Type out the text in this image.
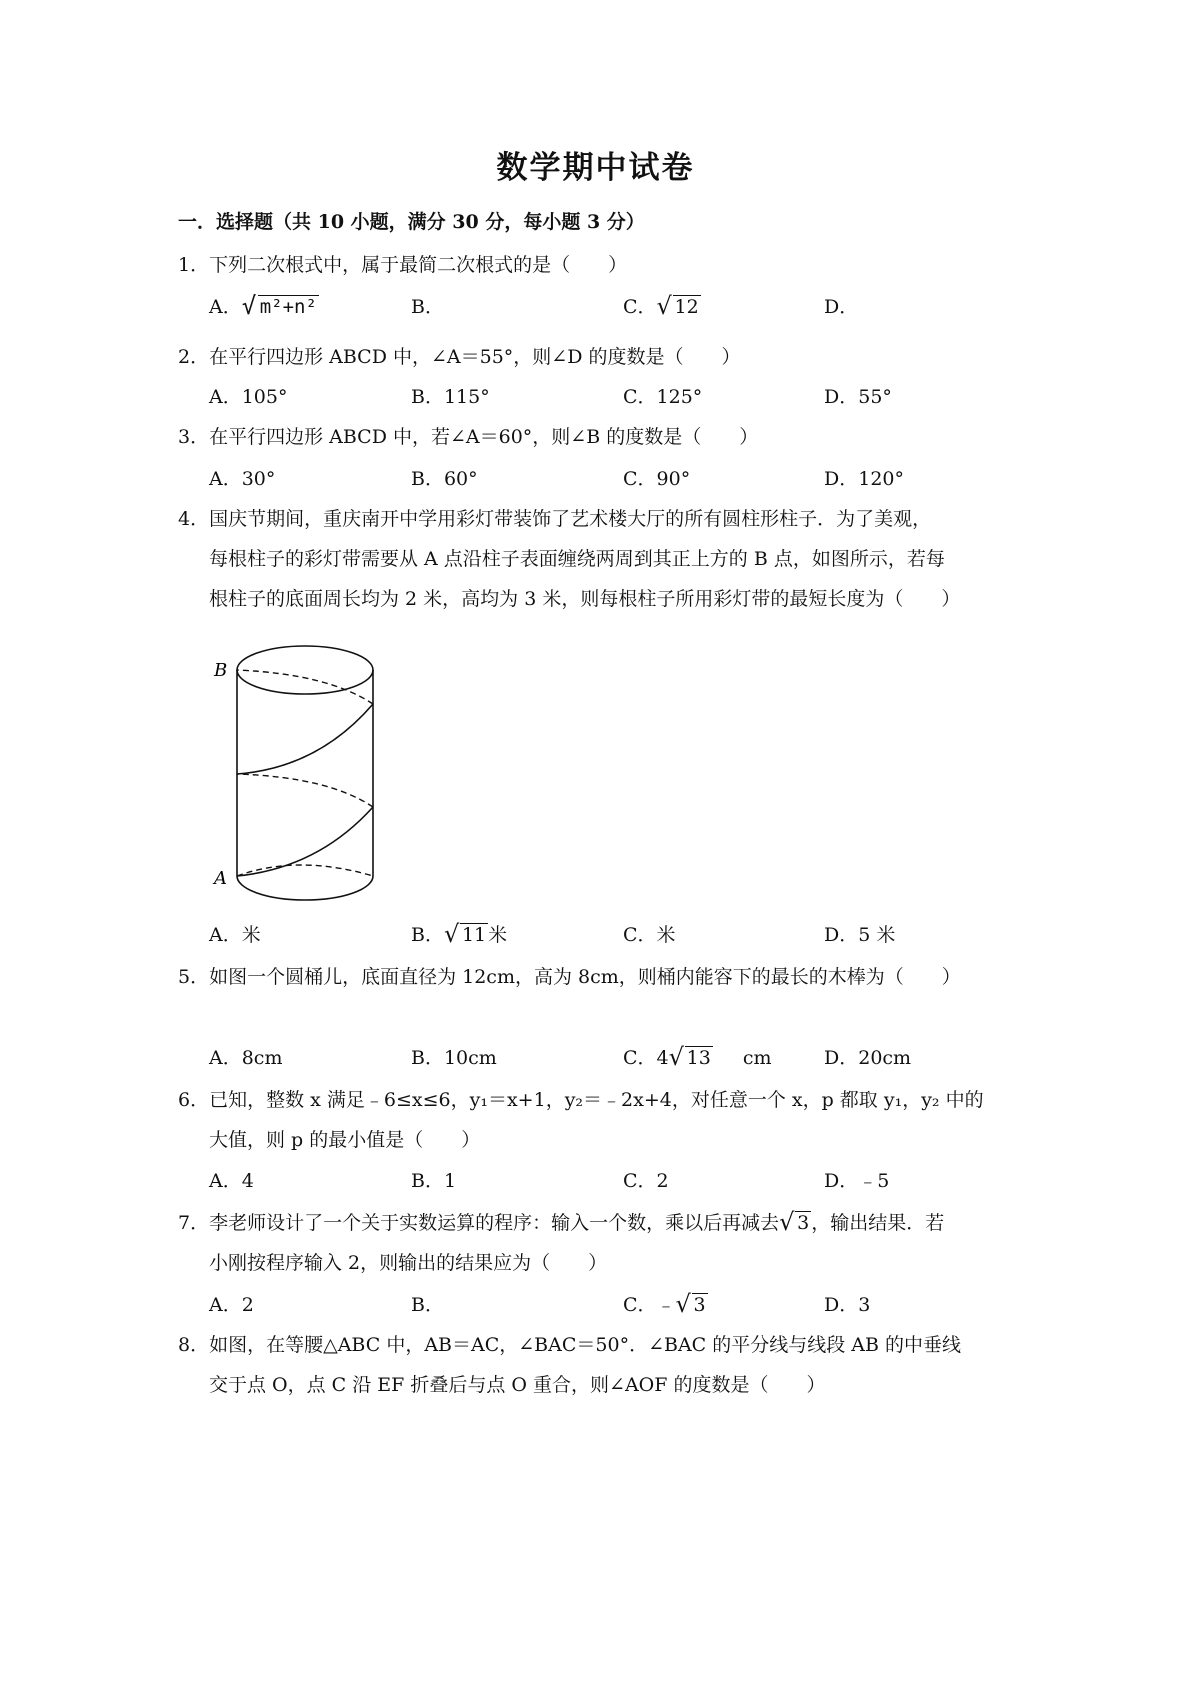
数学期中试卷
一．选择题（共 10 小题，满分 30 分，每小题 3 分）
1．下列二次根式中，属于最简二次根式的是（　　）
A． √ m²+n²	B．	C． √ 12	D．
2．在平行四边形 ABCD 中，∠A＝55°，则∠D 的度数是（　　）
A．105°	B．115°	C．125°	D．55°
3．在平行四边形 ABCD 中，若∠A＝60°，则∠B 的度数是（　　）
A．30°	B．60°	C．90°	D．120°
4．国庆节期间，重庆南开中学用彩灯带装饰了艺术楼大厅的所有圆柱形柱子．为了美观，
每根柱子的彩灯带需要从 A 点沿柱子表面缠绕两周到其正上方的 B 点，如图所示，若每
根柱子的底面周长均为 2 米，高均为 3 米，则每根柱子所用彩灯带的最短长度为（　　）
B
A
A．米	B． √ 11 米	C．米	D．5 米
5．如图一个圆桶儿，底面直径为 12cm，高为 8cm，则桶内能容下的最长的木棒为（　　）
A．8cm	B．10cm	C．4 √ 13 cm	D．20cm
6．已知，整数 x 满足﹣6≤x≤6，y₁＝x+1，y₂＝﹣2x+4，对任意一个 x，p 都取 y₁，y₂ 中的
大值，则 p 的最小值是（　　）
A．4	B．1	C．2	D．﹣5
7．李老师设计了一个关于实数运算的程序：输入一个数，乘以后再减去 √ 3 ，输出结果．若
小刚按程序输入 2，则输出的结果应为（　　）
A．2	B．	C．﹣ √ 3	D．3
8．如图，在等腰△ABC 中，AB＝AC，∠BAC＝50°．∠BAC 的平分线与线段 AB 的中垂线
交于点 O，点 C 沿 EF 折叠后与点 O 重合，则∠AOF 的度数是（　　）
